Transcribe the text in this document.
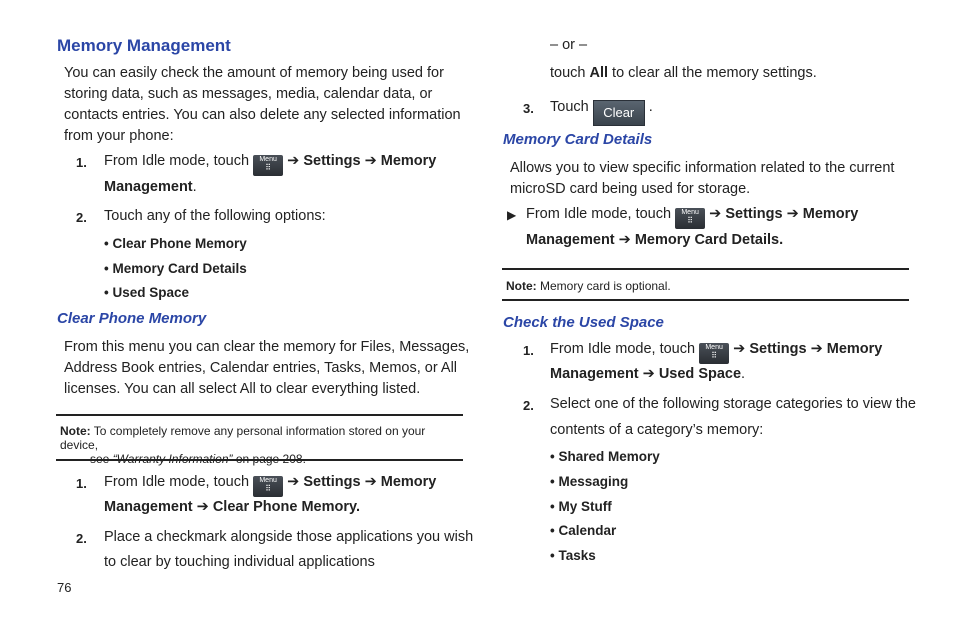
Memory Management
You can easily check the amount of memory being used for
storing data, such as messages, media, calendar data, or
contacts entries. You can also delete any selected information
from your phone:
1. From Idle mode, touch	Menu
⠿	➔ Settings ➔ Memory
Management.
2. Touch any of the following options:
• Clear Phone Memory
• Memory Card Details
• Used Space
Clear Phone Memory
From this menu you can clear the memory for Files, Messages,
Address Book entries, Calendar entries, Tasks, Memos, or All
licenses. You can all select All to clear everything listed.
Note: To completely remove any personal information stored on your device,
see “Warranty Information” on page 208.
1. From Idle mode, touch	Menu
⠿	➔ Settings ➔ Memory
Management ➔ Clear Phone Memory.
2. Place a checkmark alongside those applications you wish
to clear by touching individual applications
76
– or –
touch All to clear all the memory settings.
3. Touch Clear .
Memory Card Details
Allows you to view specific information related to the current
microSD card being used for storage.
▶ From Idle mode, touch	Menu
⠿	➔ Settings ➔ Memory
Management ➔ Memory Card Details.
Note: Memory card is optional.
Check the Used Space
1. From Idle mode, touch	Menu
⠿	➔ Settings ➔ Memory
Management ➔ Used Space.
2. Select one of the following storage categories to view the
contents of a category’s memory:
• Shared Memory
• Messaging
• My Stuff
• Calendar
• Tasks
